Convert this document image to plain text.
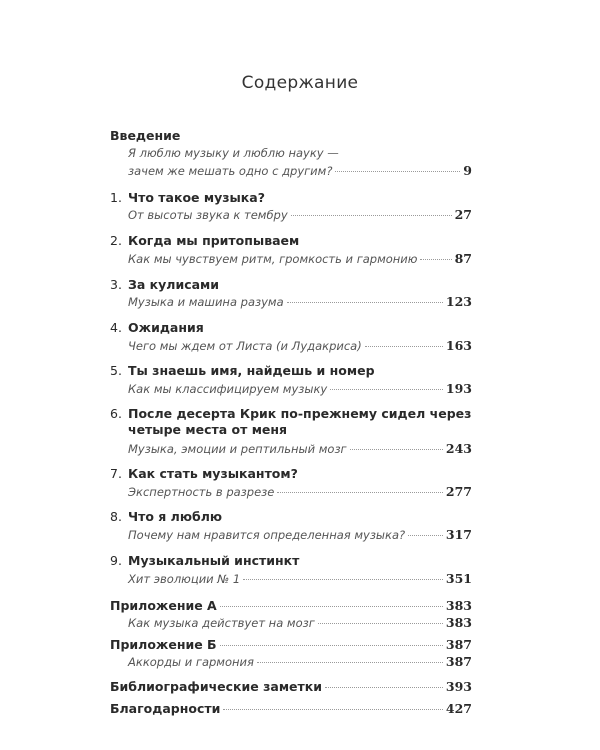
Содержание
Введение
Я люблю музыку и люблю науку —
зачем же мешать одно с другим?	9
1. Что такое музыка?
От высоты звука к тембру	27
2. Когда мы притопываем
Как мы чувствуем ритм, громкость и гармонию	87
3. За кулисами
Музыка и машина разума	123
4. Ожидания
Чего мы ждем от Листа (и Лудакриса)	163
5. Ты знаешь имя, найдешь и номер
Как мы классифицируем музыку	193
6. После десерта Крик по-прежнему сидел через
четыре места от меня
Музыка, эмоции и рептильный мозг	243
7. Как стать музыкантом?
Экспертность в разрезе	277
8. Что я люблю
Почему нам нравится определенная музыка?	317
9. Музыкальный инстинкт
Хит эволюции № 1	351
Приложение А	383
Как музыка действует на мозг	383
Приложение Б	387
Аккорды и гармония	387
Библиографические заметки	393
Благодарности	427
